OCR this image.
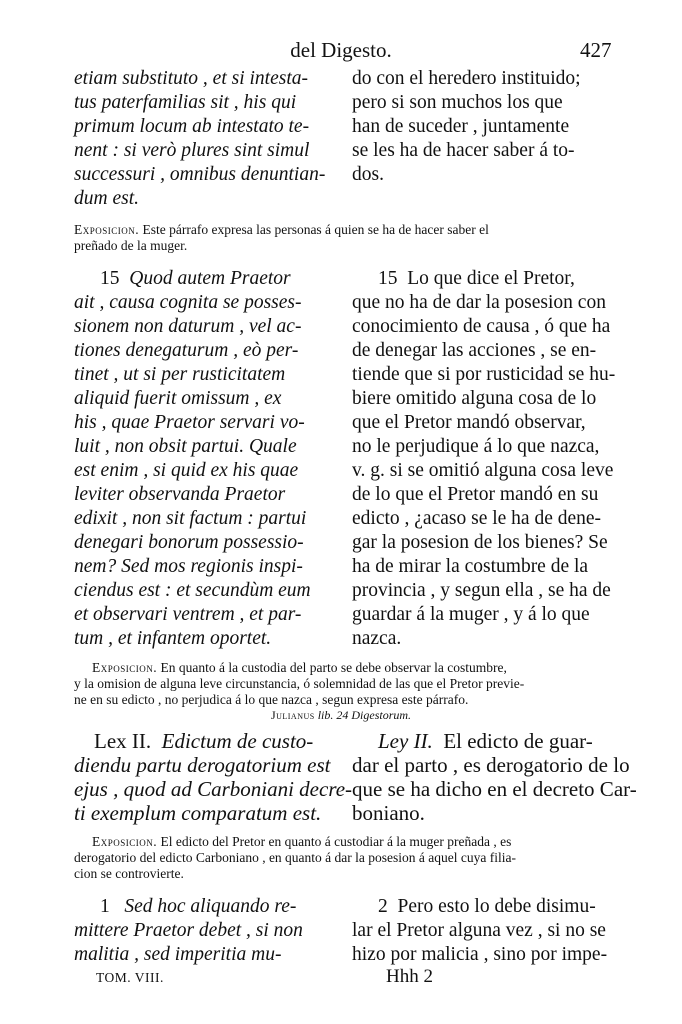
del Digesto.	427
etiam substituto , et si intesta-
tus paterfamilias sit , his qui
primum locum ab intestato te-
nent : si verò plures sint simul
successuri , omnibus denuntian-
dum est.
do con el heredero instituido;
pero si son muchos los que
han de suceder , juntamente
se les ha de hacer saber á to-
dos.
Exposicion. Este párrafo expresa las personas á quien se ha de hacer saber el
preñado de la muger.
15 Quod autem Praetor
ait , causa cognita se posses-
sionem non daturum , vel ac-
tiones denegaturum , eò per-
tinet , ut si per rusticitatem
aliquid fuerit omissum , ex
his , quae Praetor servari vo-
luit , non obsit partui. Quale
est enim , si quid ex his quae
leviter observanda Praetor
edixit , non sit factum : partui
denegari bonorum possessio-
nem? Sed mos regionis inspi-
ciendus est : et secundùm eum
et observari ventrem , et par-
tum , et infantem oportet.
15 Lo que dice el Pretor,
que no ha de dar la posesion con
conocimiento de causa , ó que ha
de denegar las acciones , se en-
tiende que si por rusticidad se hu-
biere omitido alguna cosa de lo
que el Pretor mandó observar,
no le perjudique á lo que nazca,
v. g. si se omitió alguna cosa leve
de lo que el Pretor mandó en su
edicto , ¿acaso se le ha de dene-
gar la posesion de los bienes? Se
ha de mirar la costumbre de la
provincia , y segun ella , se ha de
guardar á la muger , y á lo que
nazca.
Exposicion. En quanto á la custodia del parto se debe observar la costumbre,
y la omision de alguna leve circunstancia, ó solemnidad de las que el Pretor previe-
ne en su edicto , no perjudica á lo que nazca , segun expresa este párrafo.
Julianus lib. 24 Digestorum.
Lex II. Edictum de custo-
diendu partu derogatorium est
ejus , quod ad Carboniani decre-
ti exemplum comparatum est.
Ley II. El edicto de guar-
dar el parto , es derogatorio de lo
que se ha dicho en el decreto Car-
boniano.
Exposicion. El edicto del Pretor en quanto á custodiar á la muger preñada , es
derogatorio del edicto Carboniano , en quanto á dar la posesion á aquel cuya filia-
cion se controvierte.
1 Sed hoc aliquando re-
mittere Praetor debet , si non
malitia , sed imperitia mu-
2 Pero esto lo debe disimu-
lar el Pretor alguna vez , si no se
hizo por malicia , sino por impe-
TOM. VIII.	Hhh 2
